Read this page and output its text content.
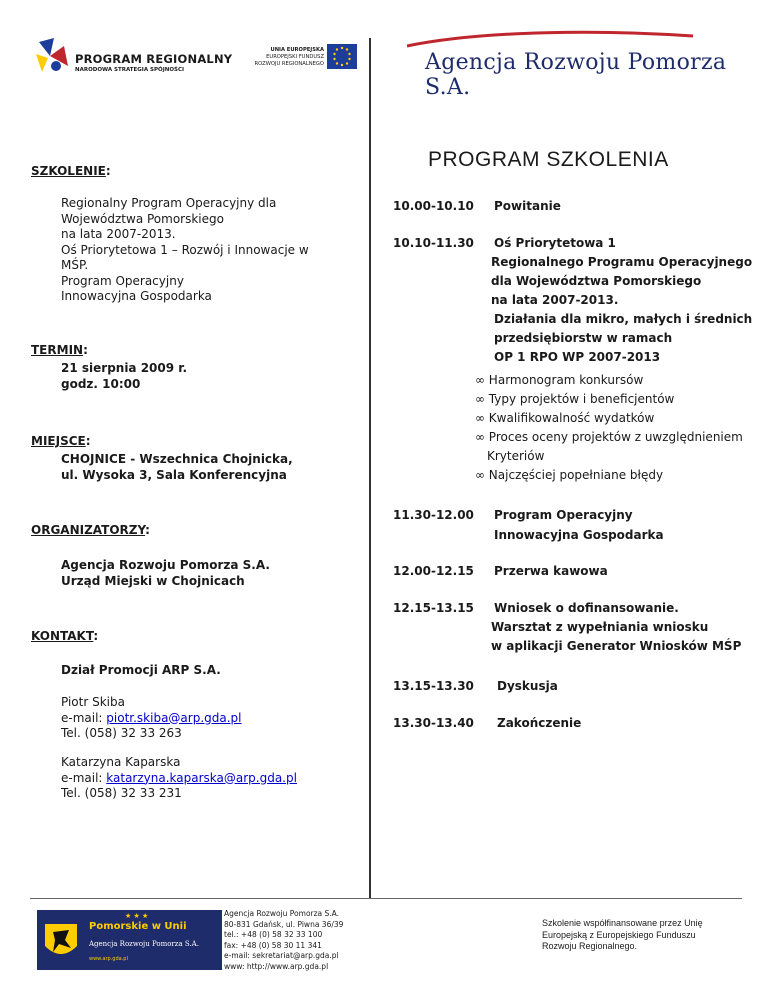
PROGRAM REGIONALNY
NARODOWA STRATEGIA SPÓJNOŚCI
UNIA EUROPEJSKA
EUROPEJSKI FUNDUSZ
ROZWOJU REGIONALNEGO	Agencja Rozwoju Pomorza S.A.
SZKOLENIE:
Regionalny Program Operacyjny dla
Województwa Pomorskiego
na lata 2007-2013.
Oś Priorytetowa 1 – Rozwój i Innowacje w
MŚP.
Program Operacyjny
Innowacyjna Gospodarka
TERMIN:
21 sierpnia 2009 r.
godz. 10:00
MIEJSCE:
CHOJNICE - Wszechnica Chojnicka,
ul. Wysoka 3, Sala Konferencyjna
ORGANIZATORZY:
Agencja Rozwoju Pomorza S.A.
Urząd Miejski w Chojnicach
KONTAKT:
Dział Promocji ARP S.A.
Piotr Skiba
e-mail: piotr.skiba@arp.gda.pl
Tel. (058) 32 33 263
Katarzyna Kaparska
e-mail: katarzyna.kaparska@arp.gda.pl
Tel. (058) 32 33 231
PROGRAM SZKOLENIA
10.00-10.10 Powitanie
10.10-11.30 Oś Priorytetowa 1
Regionalnego Programu Operacyjnego
dla Województwa Pomorskiego
na lata 2007-2013.
Działania dla mikro, małych i średnich
przedsiębiorstw w ramach
OP 1 RPO WP 2007-2013
∞ Harmonogram konkursów
∞ Typy projektów i beneficjentów
∞ Kwalifikowalność wydatków
∞ Proces oceny projektów z uwzględnieniem
Kryteriów
∞ Najczęściej popełniane błędy
11.30-12.00 Program Operacyjny
Innowacyjna Gospodarka
12.00-12.15 Przerwa kawowa
12.15-13.15 Wniosek o dofinansowanie.
Warsztat z wypełniania wniosku
w aplikacji Generator Wniosków MŚP
13.15-13.30 Dyskusja
13.30-13.40 Zakończenie
★ ★ ★
Pomorskie w Unii
Agencja Rozwoju Pomorza S.A.
www.arp.gda.pl
Agencja Rozwoju Pomorza S.A.
80-831 Gdańsk, ul. Piwna 36/39
tel.: +48 (0) 58 32 33 100
fax: +48 (0) 58 30 11 341
e-mail: sekretariat@arp.gda.pl
www: http://www.arp.gda.pl
Szkolenie współfinansowane przez Unię
Europejską z Europejskiego Funduszu
Rozwoju Regionalnego.
